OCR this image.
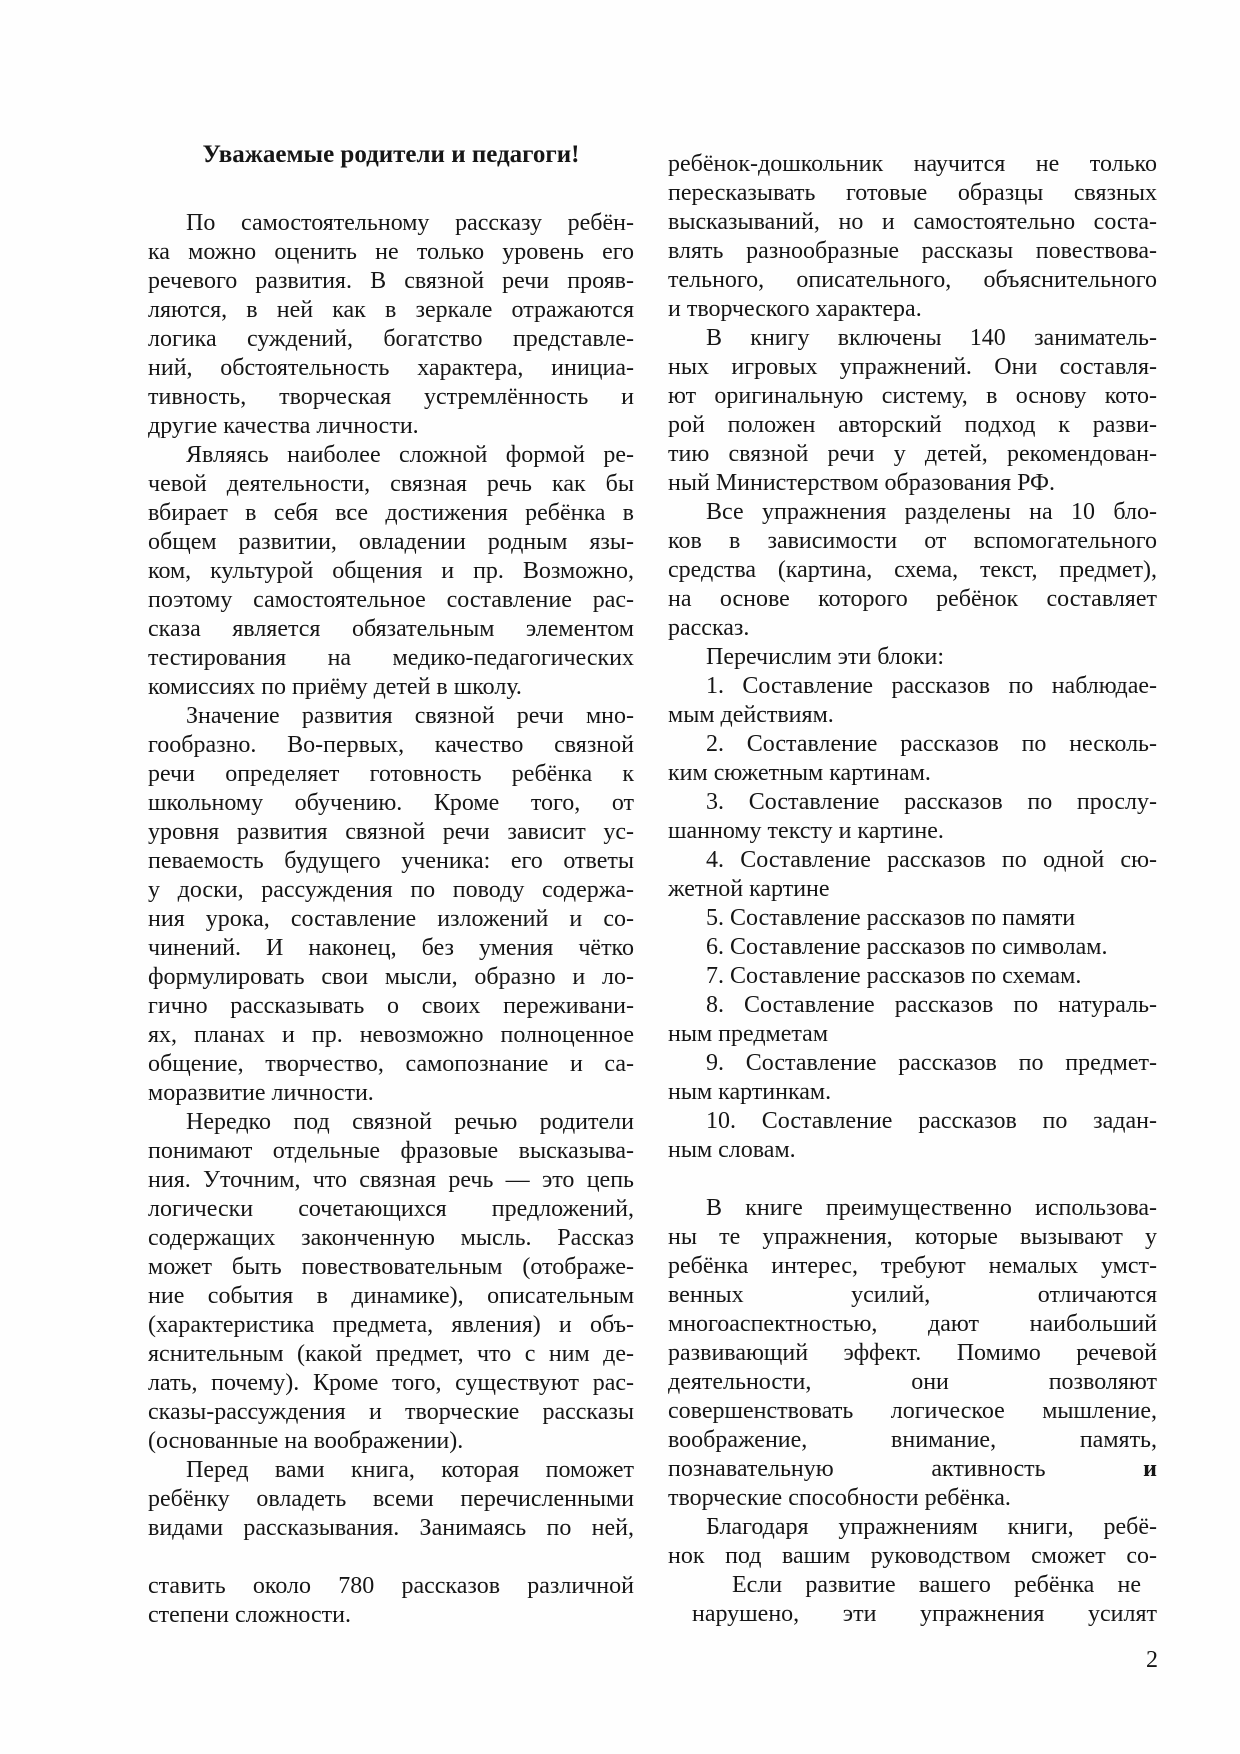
Уважаемые родители и педагоги!
По самостоятельному рассказу ребён-
ка можно оценить не только уровень его
речевого развития. В связной речи прояв-
ляются, в ней как в зеркале отражаются
логика суждений, богатство представле-
ний, обстоятельность характера, инициа-
тивность, творческая устремлённость и
другие качества личности.
Являясь наиболее сложной формой ре-
чевой деятельности, связная речь как бы
вбирает в себя все достижения ребёнка в
общем развитии, овладении родным язы-
ком, культурой общения и пр. Возможно,
поэтому самостоятельное составление рас-
сказа является обязательным элементом
тестирования на медико-педагогических
комиссиях по приёму детей в школу.
Значение развития связной речи мно-
гообразно. Во-первых, качество связной
речи определяет готовность ребёнка к
школьному обучению. Кроме того, от
уровня развития связной речи зависит ус-
певаемость будущего ученика: его ответы
у доски, рассуждения по поводу содержа-
ния урока, составление изложений и со-
чинений. И наконец, без умения чётко
формулировать свои мысли, образно и ло-
гично рассказывать о своих переживани-
ях, планах и пр. невозможно полноценное
общение, творчество, самопознание и са-
моразвитие личности.
Нередко под связной речью родители
понимают отдельные фразовые высказыва-
ния. Уточним, что связная речь — это цепь
логически сочетающихся предложений,
содержащих законченную мысль. Рассказ
может быть повествовательным (отображе-
ние события в динамике), описательным
(характеристика предмета, явления) и объ-
яснительным (какой предмет, что с ним де-
лать, почему). Кроме того, существуют рас-
сказы-рассуждения и творческие рассказы
(основанные на воображении).
Перед вами книга, которая поможет
ребёнку овладеть всеми перечисленными
видами рассказывания. Занимаясь по ней,
ставить около 780 рассказов различной
степени сложности.
ребёнок-дошкольник научится не только
пересказывать готовые образцы связных
высказываний, но и самостоятельно соста-
влять разнообразные рассказы повествова-
тельного, описательного, объяснительного
и творческого характера.
В книгу включены 140 заниматель-
ных игровых упражнений. Они составля-
ют оригинальную систему, в основу кото-
рой положен авторский подход к разви-
тию связной речи у детей, рекомендован-
ный Министерством образования РФ.
Все упражнения разделены на 10 бло-
ков в зависимости от вспомогательного
средства (картина, схема, текст, предмет),
на основе которого ребёнок составляет
рассказ.
Перечислим эти блоки:
1. Составление рассказов по наблюдае-
мым действиям.
2. Составление рассказов по несколь-
ким сюжетным картинам.
3. Составление рассказов по прослу-
шанному тексту и картине.
4. Составление рассказов по одной сю-
жетной картине
5. Составление рассказов по памяти
6. Составление рассказов по символам.
7. Составление рассказов по схемам.
8. Составление рассказов по натураль-
ным предметам
9. Составление рассказов по предмет-
ным картинкам.
10. Составление рассказов по задан-
ным словам.
В книге преимущественно использова-
ны те упражнения, которые вызывают у
ребёнка интерес, требуют немалых умст-
венных усилий, отличаются
многоаспектностью, дают наибольший
развивающий эффект. Помимо речевой
деятельности, они позволяют
совершенствовать логическое мышление,
воображение, внимание, память,
познавательную активность и
творческие способности ребёнка.
Благодаря упражнениям книги, ребё-
нок под вашим руководством сможет со-
Если развитие вашего ребёнка не
нарушено, эти упражнения усилят
2
